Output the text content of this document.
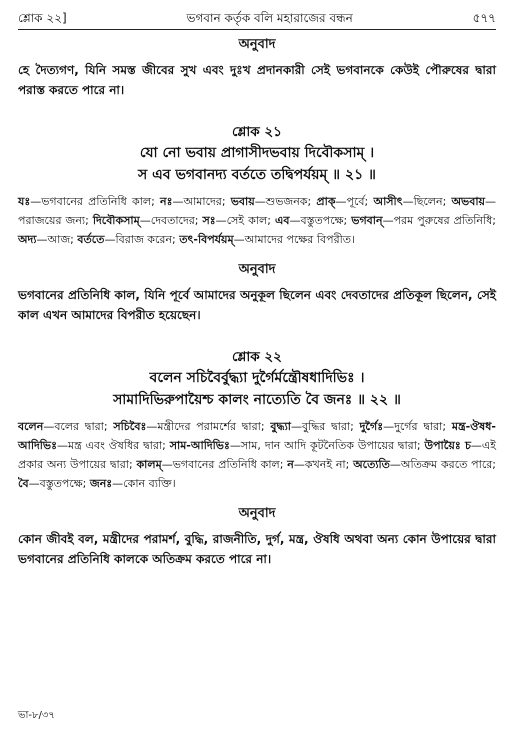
শ্লোক ২২]	ভগবান কর্তৃক বলি মহারাজের বন্ধন	৫৭৭
অনুবাদ
হে দৈত্যগণ, যিনি সমস্ত জীবের সুখ এবং দুঃখ প্রদানকারী সেই ভগবানকে কেউই পৌরুষের দ্বারা পরাস্ত করতে পারে না।
শ্লোক ২১
যো নো ভবায় প্রাগাসীদভবায় দিবৌকসাম্ ।
স এব ভগবানদ্য বর্ততে তদ্বিপর্যয়ম্ ॥ ২১ ॥
যঃ—ভগবানের প্রতিনিধি কাল; নঃ—আমাদের; ভবায়—শুভজনক; প্রাক্—পূর্বে; আসীৎ—ছিলেন; অভবায়—পরাজয়ের জন্য; দিবৌকসাম্—দেবতাদের; সঃ—সেই কাল; এব—বস্তুতপক্ষে; ভগবান্—পরম পুরুষের প্রতিনিধি; অদ্য—আজ; বর্ততে—বিরাজ করেন; তৎ-বিপর্যয়ম্—আমাদের পক্ষের বিপরীত।
অনুবাদ
ভগবানের প্রতিনিধি কাল, যিনি পূর্বে আমাদের অনুকূল ছিলেন এবং দেবতাদের প্রতিকূল ছিলেন, সেই কাল এখন আমাদের বিপরীত হয়েছেন।
শ্লোক ২২
বলেন সচিবৈর্বুদ্ধ্যা দুর্গৈর্মন্ত্রৌষধাদিভিঃ ।
সামাদিভিরুপায়ৈশ্চ কালং নাত্যেতি বৈ জনঃ ॥ ২২ ॥
বলেন—বলের দ্বারা; সচিবৈঃ—মন্ত্রীদের পরামর্শের দ্বারা; বুদ্ধ্যা—বুদ্ধির দ্বারা; দুর্গৈঃ—দুর্গের দ্বারা; মন্ত্র-ঔষধ-আদিভিঃ—মন্ত্র এবং ঔষধির দ্বারা; সাম-আদিভিঃ—সাম, দান আদি কূটনৈতিক উপায়ের দ্বারা; উপায়ৈঃ চ—এই প্রকার অন্য উপায়ের দ্বারা; কালম্—ভগবানের প্রতিনিধি কাল; ন—কখনই না; অত্যেতি—অতিক্রম করতে পারে; বৈ—বস্তুতপক্ষে; জনঃ—কোন ব্যক্তি।
অনুবাদ
কোন জীবই বল, মন্ত্রীদের পরামর্শ, বুদ্ধি, রাজনীতি, দুর্গ, মন্ত্র, ঔষধি অথবা অন্য কোন উপায়ের দ্বারা ভগবানের প্রতিনিধি কালকে অতিক্রম করতে পারে না।
ভা-৮/৩৭
